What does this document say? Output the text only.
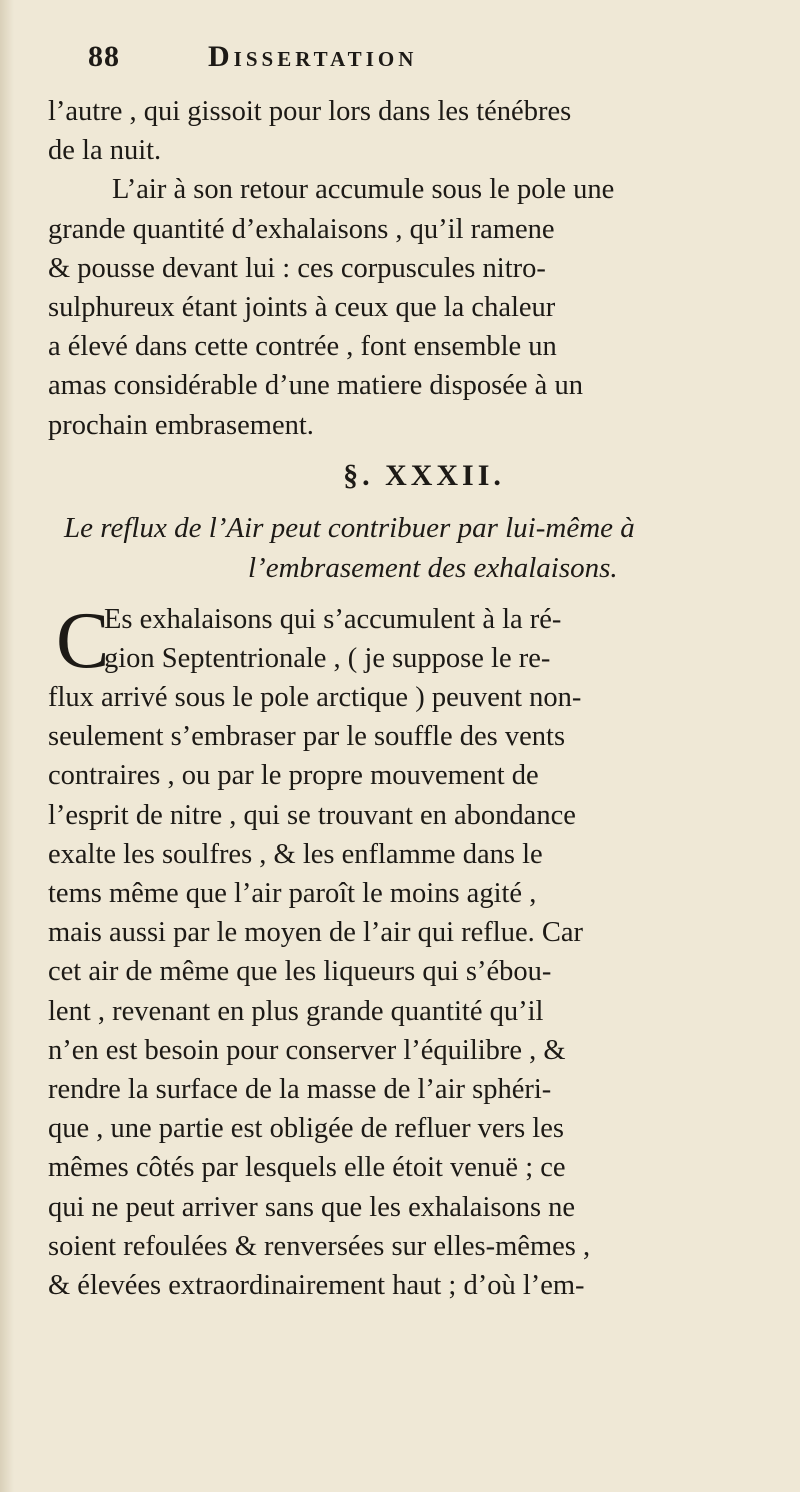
88	Dissertation
l’autre , qui gissoit pour lors dans les ténébres
de la nuit.
L’air à son retour accumule sous le pole une
grande quantité d’exhalaisons , qu’il ramene
& pousse devant lui : ces corpuscules nitro-
sulphureux étant joints à ceux que la chaleur
a élevé dans cette contrée , font ensemble un
amas considérable d’une matiere disposée à un
prochain embrasement.
§. XXXII.
Le reflux de l’Air peut contribuer par lui-même à
l’embrasement des exhalaisons.
C
Es exhalaisons qui s’accumulent à la ré-
gion Septentrionale , ( je suppose le re-
flux arrivé sous le pole arctique ) peuvent non-
seulement s’embraser par le souffle des vents
contraires , ou par le propre mouvement de
l’esprit de nitre , qui se trouvant en abondance
exalte les soulfres , & les enflamme dans le
tems même que l’air paroît le moins agité ,
mais aussi par le moyen de l’air qui reflue. Car
cet air de même que les liqueurs qui s’ébou-
lent , revenant en plus grande quantité qu’il
n’en est besoin pour conserver l’équilibre , &
rendre la surface de la masse de l’air sphéri-
que , une partie est obligée de refluer vers les
mêmes côtés par lesquels elle étoit venuë ; ce
qui ne peut arriver sans que les exhalaisons ne
soient refoulées & renversées sur elles-mêmes ,
& élevées extraordinairement haut ; d’où l’em-
